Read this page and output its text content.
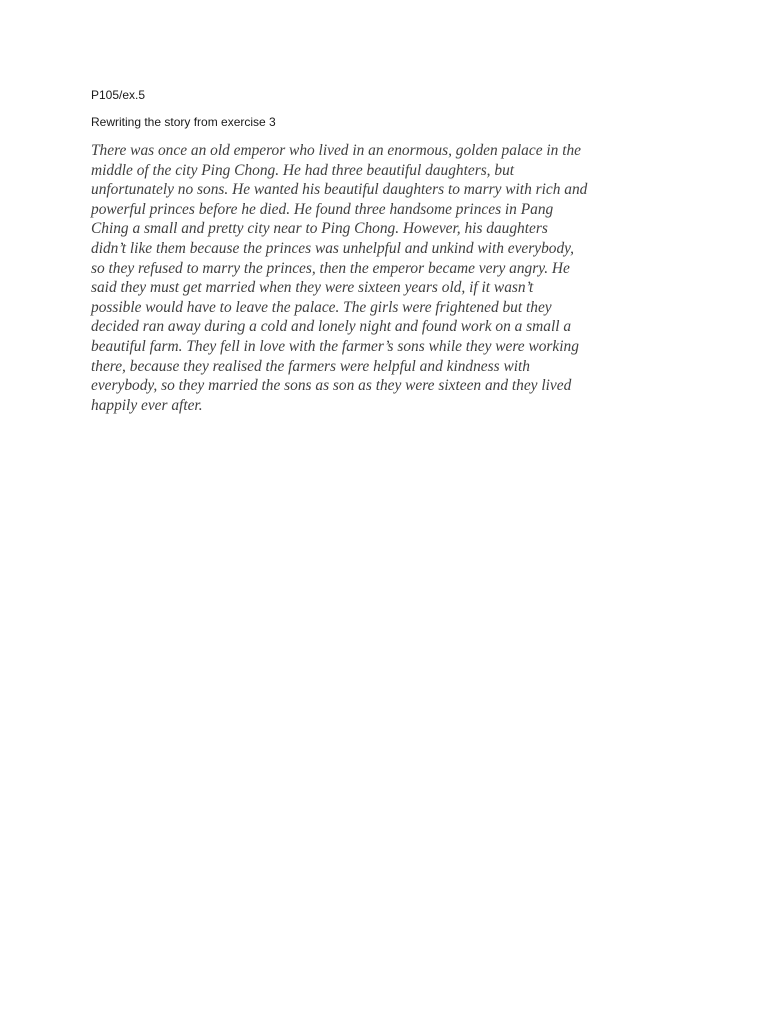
P105/ex.5
Rewriting the story from exercise 3

There was once an old emperor who lived in an enormous, golden palace in the
middle of the city Ping Chong. He had three beautiful daughters, but
unfortunately no sons. He wanted his beautiful daughters to marry with rich and
powerful princes before he died. He found three handsome princes in Pang
Ching a small and pretty city near to Ping Chong. However, his daughters
didn’t like them because the princes was unhelpful and unkind with everybody,
so they refused to marry the princes, then the emperor became very angry. He
said they must get married when they were sixteen years old, if it wasn’t
possible would have to leave the palace. The girls were frightened but they
decided ran away during a cold and lonely night and found work on a small a
beautiful farm. They fell in love with the farmer’s sons while they were working
there, because they realised the farmers were helpful and kindness with
everybody, so they married the sons as son as they were sixteen and they lived
happily ever after.
